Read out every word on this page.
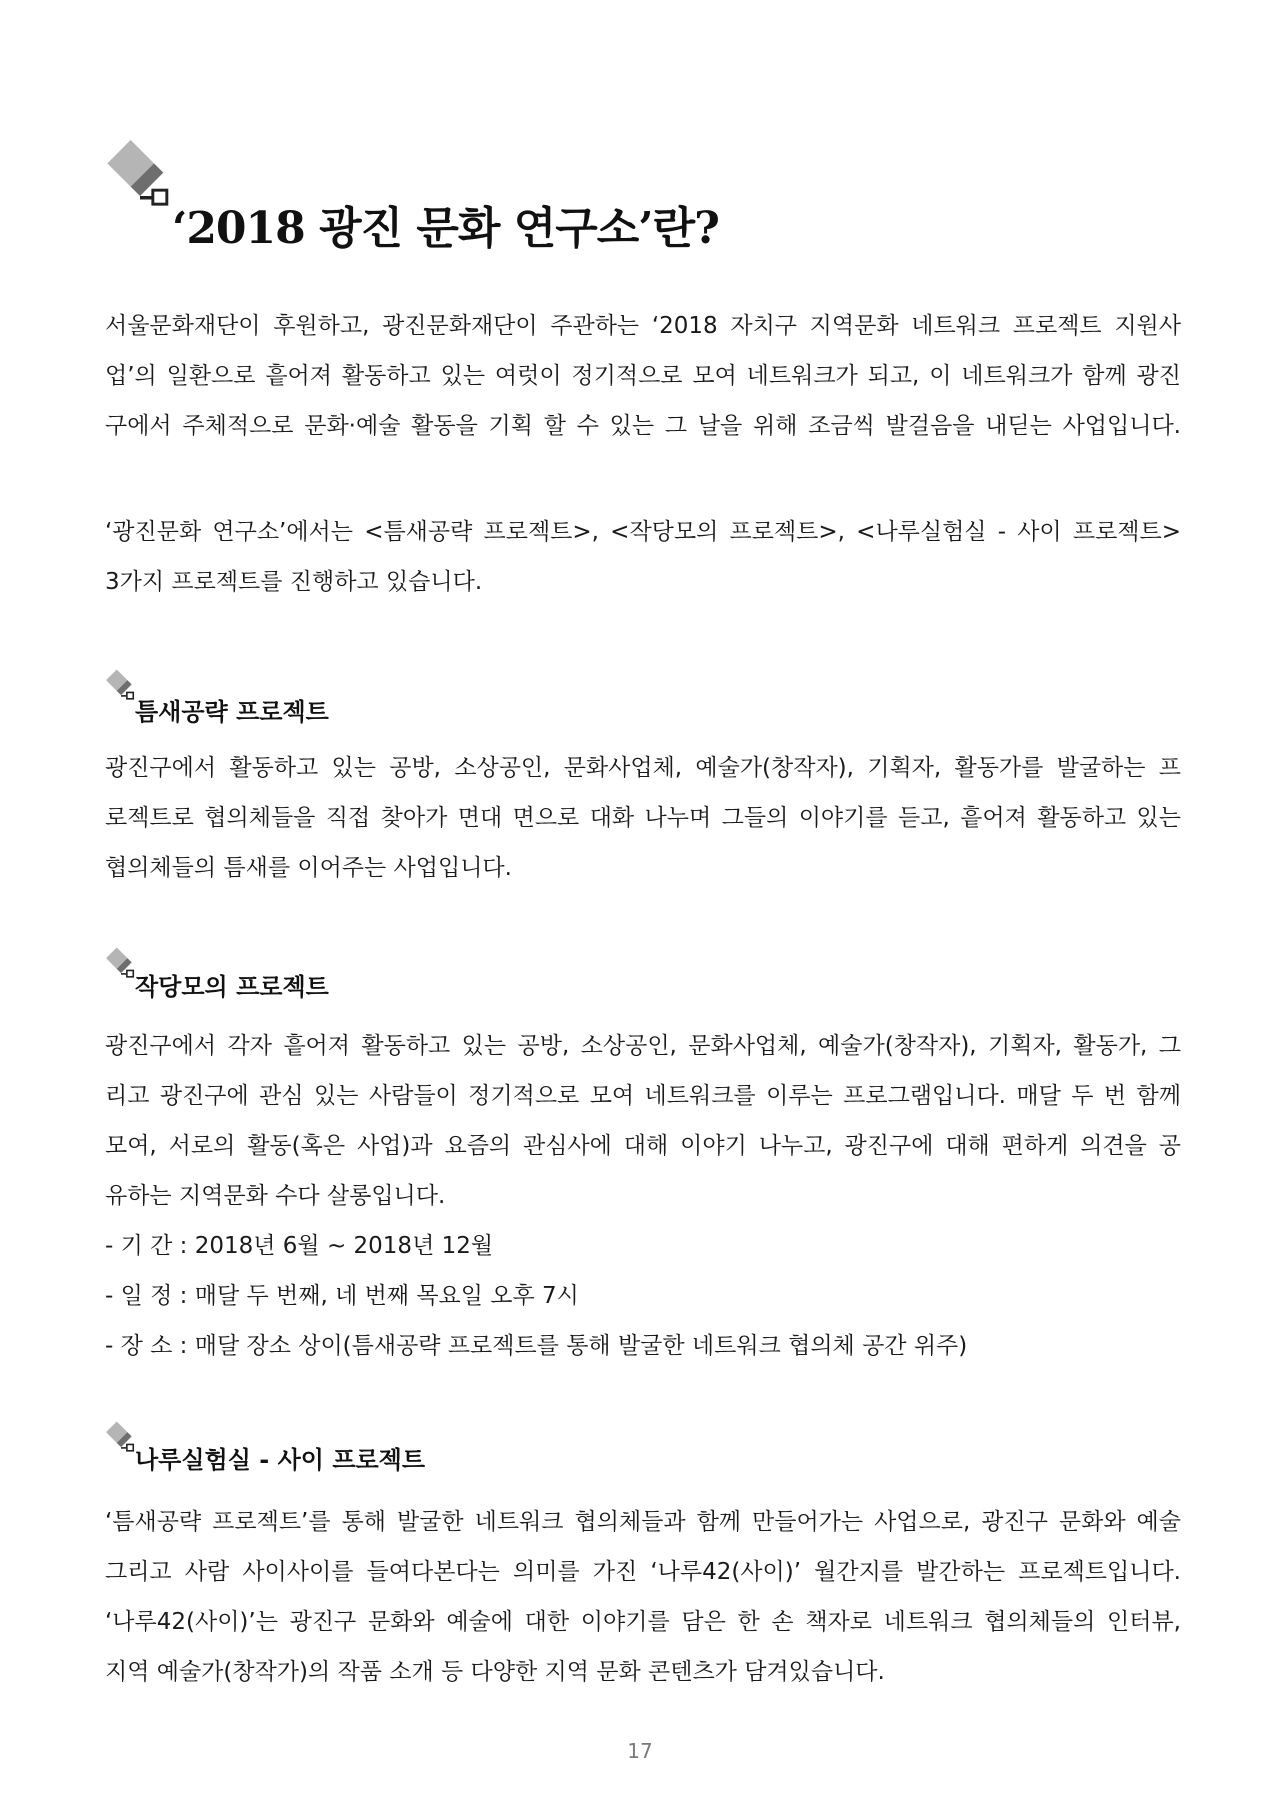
‘2018 광진 문화 연구소’란?
서울문화재단이 후원하고, 광진문화재단이 주관하는 ‘2018 자치구 지역문화 네트워크 프로젝트 지원사
업’의 일환으로 흩어져 활동하고 있는 여럿이 정기적으로 모여 네트워크가 되고, 이 네트워크가 함께 광진
구에서 주체적으로 문화·예술 활동을 기획 할 수 있는 그 날을 위해 조금씩 발걸음을 내딛는 사업입니다.
‘광진문화 연구소’에서는 <틈새공략 프로젝트>, <작당모의 프로젝트>, <나루실험실 - 사이 프로젝트>
3가지 프로젝트를 진행하고 있습니다.
틈새공략 프로젝트
광진구에서 활동하고 있는 공방, 소상공인, 문화사업체, 예술가(창작자), 기획자, 활동가를 발굴하는 프
로젝트로 협의체들을 직접 찾아가 면대 면으로 대화 나누며 그들의 이야기를 듣고, 흩어져 활동하고 있는
협의체들의 틈새를 이어주는 사업입니다.
작당모의 프로젝트
광진구에서 각자 흩어져 활동하고 있는 공방, 소상공인, 문화사업체, 예술가(창작자), 기획자, 활동가, 그
리고 광진구에 관심 있는 사람들이 정기적으로 모여 네트워크를 이루는 프로그램입니다. 매달 두 번 함께
모여, 서로의 활동(혹은 사업)과 요즘의 관심사에 대해 이야기 나누고, 광진구에 대해 편하게 의견을 공
유하는 지역문화 수다 살롱입니다.
- 기 간 : 2018년 6월 ~ 2018년 12월
- 일 정 : 매달 두 번째, 네 번째 목요일 오후 7시
- 장 소 : 매달 장소 상이(틈새공략 프로젝트를 통해 발굴한 네트워크 협의체 공간 위주)
나루실험실 - 사이 프로젝트
‘틈새공략 프로젝트’를 통해 발굴한 네트워크 협의체들과 함께 만들어가는 사업으로, 광진구 문화와 예술
그리고 사람 사이사이를 들여다본다는 의미를 가진 ‘나루42(사이)’ 월간지를 발간하는 프로젝트입니다.
‘나루42(사이)’는 광진구 문화와 예술에 대한 이야기를 담은 한 손 책자로 네트워크 협의체들의 인터뷰,
지역 예술가(창작가)의 작품 소개 등 다양한 지역 문화 콘텐츠가 담겨있습니다.
17
